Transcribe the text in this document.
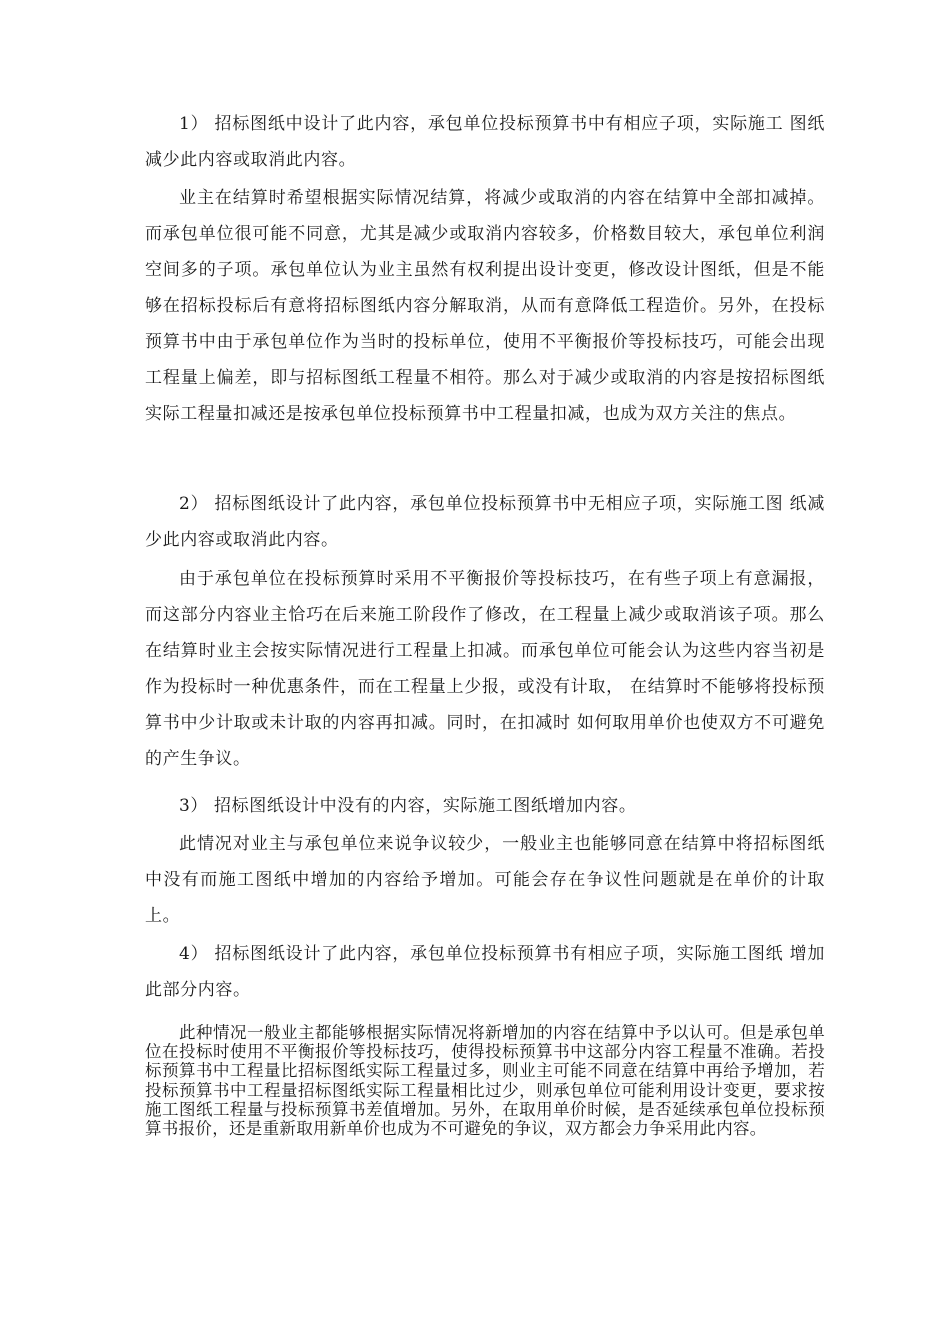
1） 招标图纸中设计了此内容，承包单位投标预算书中有相应子项，实际施工 图纸减少此内容或取消此内容。

业主在结算时希望根据实际情况结算，将减少或取消的内容在结算中全部扣减掉。而承包单位很可能不同意，尤其是减少或取消内容较多，价格数目较大，承包单位利润空间多的子项。承包单位认为业主虽然有权利提出设计变更，修改设计图纸，但是不能够在招标投标后有意将招标图纸内容分解取消，从而有意降低工程造价。另外，在投标预算书中由于承包单位作为当时的投标单位，使用不平衡报价等投标技巧，可能会出现工程量上偏差，即与招标图纸工程量不相符。那么对于减少或取消的内容是按招标图纸实际工程量扣减还是按承包单位投标预算书中工程量扣减，也成为双方关注的焦点。

2） 招标图纸设计了此内容，承包单位投标预算书中无相应子项，实际施工图 纸减少此内容或取消此内容。

由于承包单位在投标预算时采用不平衡报价等投标技巧，在有些子项上有意漏报，而这部分内容业主恰巧在后来施工阶段作了修改，在工程量上减少或取消该子项。那么在结算时业主会按实际情况进行工程量上扣减。而承包单位可能会认为这些内容当初是作为投标时一种优惠条件，而在工程量上少报，或没有计取， 在结算时不能够将投标预算书中少计取或未计取的内容再扣减。同时，在扣减时 如何取用单价也使双方不可避免的产生争议。

3） 招标图纸设计中没有的内容，实际施工图纸增加内容。

此情况对业主与承包单位来说争议较少，一般业主也能够同意在结算中将招标图纸中没有而施工图纸中增加的内容给予增加。可能会存在争议性问题就是在单价的计取上。

4） 招标图纸设计了此内容，承包单位投标预算书有相应子项，实际施工图纸 增加此部分内容。

此种情况一般业主都能够根据实际情况将新增加的内容在结算中予以认可。但是承包单位在投标时使用不平衡报价等投标技巧，使得投标预算书中这部分内容工程量不准确。若投标预算书中工程量比招标图纸实际工程量过多，则业主可能不同意在结算中再给予增加，若投标预算书中工程量招标图纸实际工程量相比过少，则承包单位可能利用设计变更，要求按施工图纸工程量与投标预算书差值增加。另外，在取用单价时候，是否延续承包单位投标预算书报价，还是重新取用新单价也成为不可避免的争议，双方都会力争采用此内容。
